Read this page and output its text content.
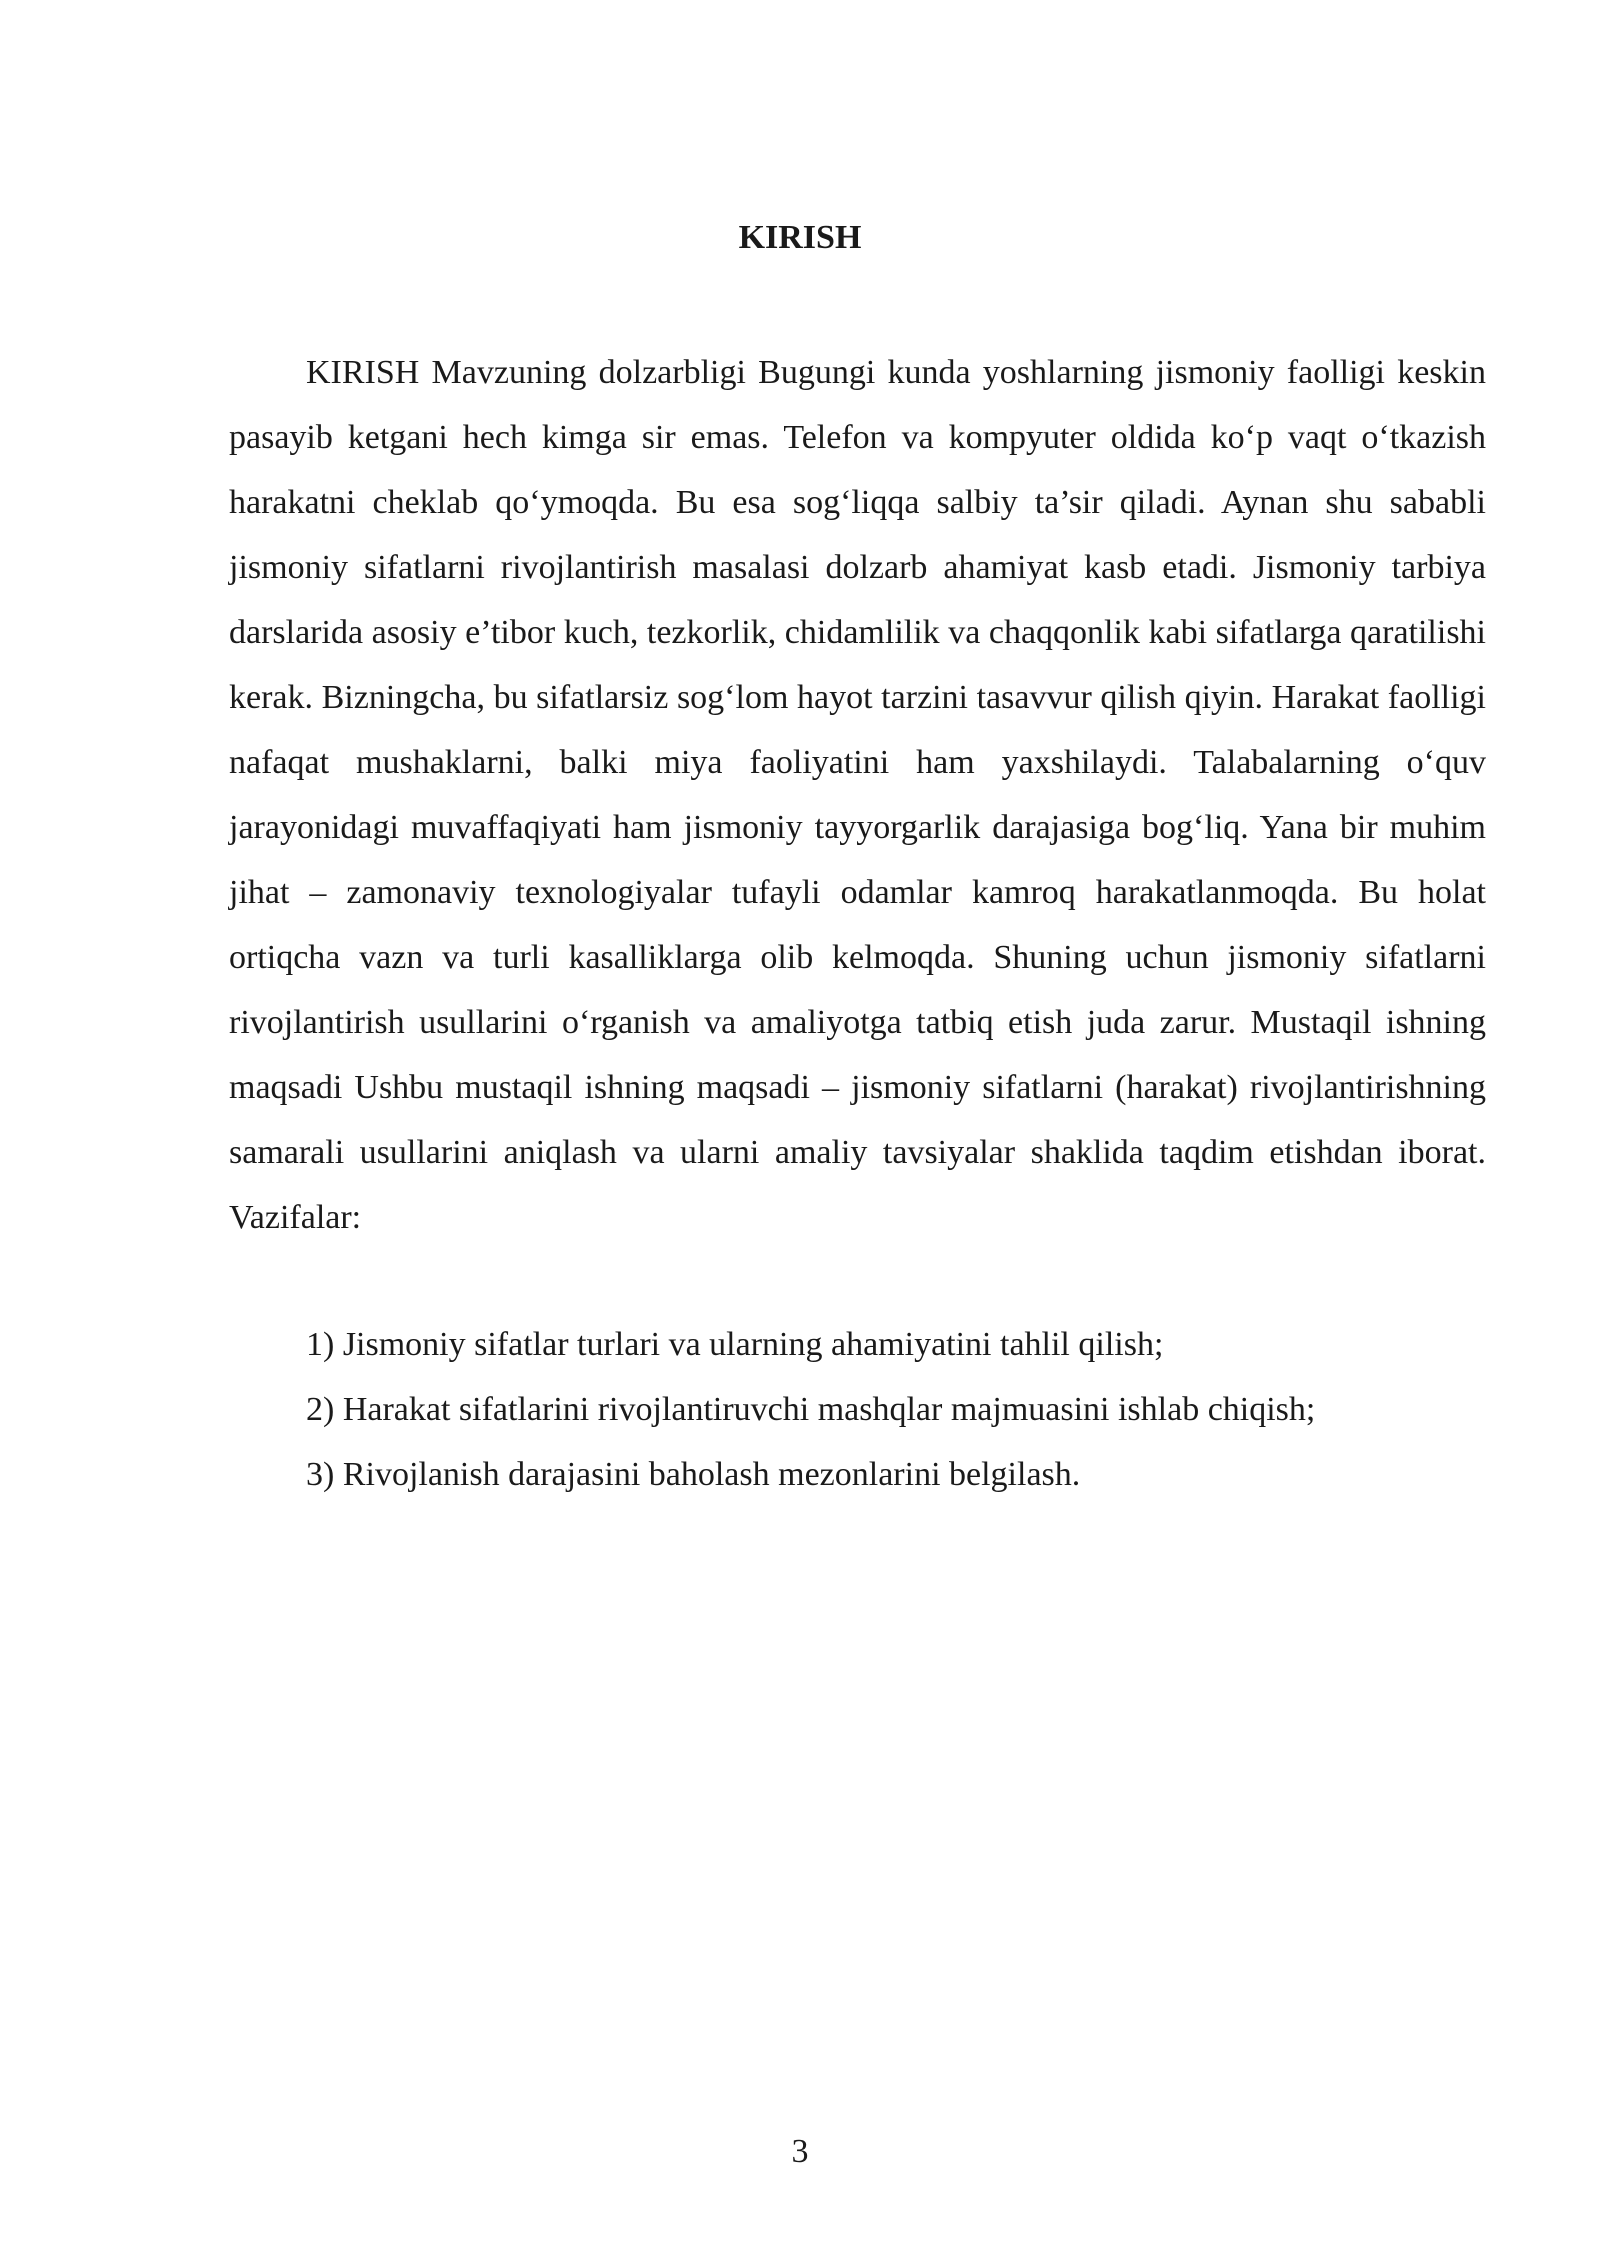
KIRISH

KIRISH Mavzuning dolzarbligi Bugungi kunda yoshlarning jismoniy faolligi keskin pasayib ketgani hech kimga sir emas. Telefon va kompyuter oldida ko‘p vaqt o‘tkazish harakatni cheklab qo‘ymoqda. Bu esa sog‘liqqa salbiy ta’sir qiladi. Aynan shu sababli jismoniy sifatlarni rivojlantirish masalasi dolzarb ahamiyat kasb etadi. Jismoniy tarbiya darslarida asosiy e’tibor kuch, tezkorlik, chidamlilik va chaqqonlik kabi sifatlarga qaratilishi kerak. Bizningcha, bu sifatlarsiz sog‘lom hayot tarzini tasavvur qilish qiyin. Harakat faolligi nafaqat mushaklarni, balki miya faoliyatini ham yaxshilaydi. Talabalarning o‘quv jarayonidagi muvaffaqiyati ham jismoniy tayyorgarlik darajasiga bog‘liq. Yana bir muhim jihat – zamonaviy texnologiyalar tufayli odamlar kamroq harakatlanmoqda. Bu holat ortiqcha vazn va turli kasalliklarga olib kelmoqda. Shuning uchun jismoniy sifatlarni rivojlantirish usullarini o‘rganish va amaliyotga tatbiq etish juda zarur. Mustaqil ishning maqsadi Ushbu mustaqil ishning maqsadi – jismoniy sifatlarni (harakat) rivojlantirishning samarali usullarini aniqlash va ularni amaliy tavsiyalar shaklida taqdim etishdan iborat. Vazifalar:

1) Jismoniy sifatlar turlari va ularning ahamiyatini tahlil qilish;
2) Harakat sifatlarini rivojlantiruvchi mashqlar majmuasini ishlab chiqish;
3) Rivojlanish darajasini baholash mezonlarini belgilash.
3
